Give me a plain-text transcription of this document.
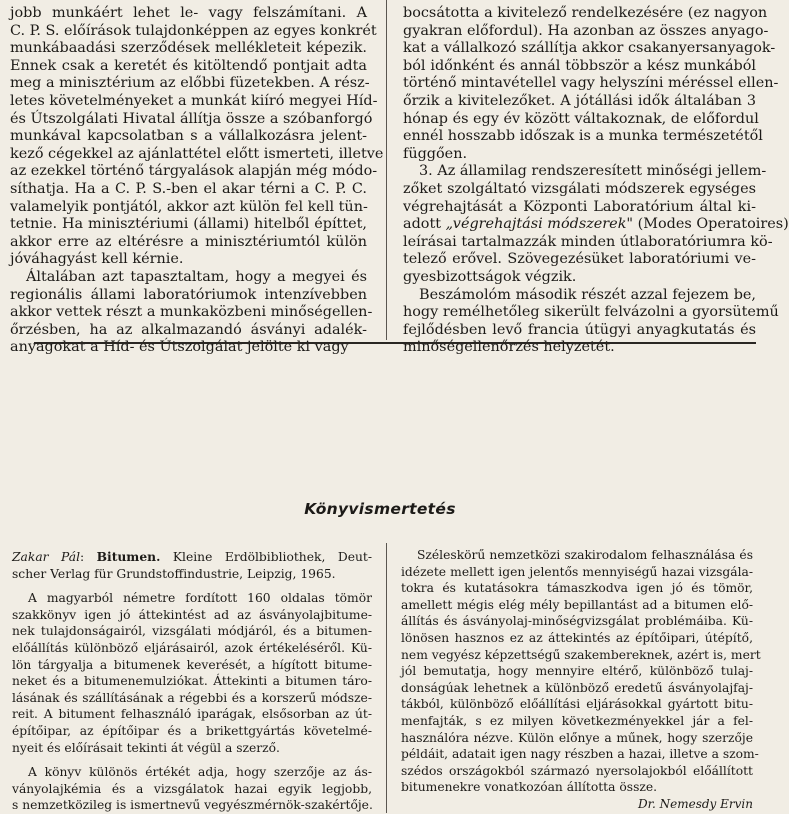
jobb munkáért lehet le- vagy felszámítani. A
C. P. S. előírások tulajdonképpen az egyes konkrét
munkábaadási szerződések mellékleteit képezik.
Ennek csak a keretét és kitöltendő pontjait adta
meg a minisztérium az előbbi füzetekben. A rész-
letes követelményeket a munkát kiíró megyei Híd-
és Útszolgálati Hivatal állítja össze a szóbanforgó
munkával kapcsolatban s a vállalkozásra jelent-
kező cégekkel az ajánlattétel előtt ismerteti, illetve
az ezekkel történő tárgyalások alapján még módo-
síthatja. Ha a C. P. S.-ben el akar térni a C. P. C.
valamelyik pontjától, akkor azt külön fel kell tün-
tetnie. Ha minisztériumi (állami) hitelből építtet,
akkor erre az eltérésre a minisztériumtól külön
jóváhagyást kell kérnie.
Általában azt tapasztaltam, hogy a megyei és
regionális állami laboratóriumok intenzívebben
akkor vettek részt a munkaközbeni minőségellen-
őrzésben, ha az alkalmazandó ásványi adalék-
anyagokat a Híd- és Útszolgálat jelölte ki vagy
bocsátotta a kivitelező rendelkezésére (ez nagyon
gyakran előfordul). Ha azonban az összes anyago-
kat a vállalkozó szállítja akkor csakanyersanyagok-
ból időnként és annál többször a kész munkából
történő mintavétellel vagy helyszíni méréssel ellen-
őrzik a kivitelezőket. A jótállási idők általában 3
hónap és egy év között váltakoznak, de előfordul
ennél hosszabb időszak is a munka természetétől
függően.
3. Az államilag rendszeresített minőségi jellem-
zőket szolgáltató vizsgálati módszerek egységes
végrehajtását a Központi Laboratórium által ki-
adott „végrehajtási módszerek" (Modes Operatoires)
leírásai tartalmazzák minden útlaboratóriumra kö-
telező erővel. Szövegezésüket laboratóriumi ve-
gyesbizottságok végzik.
Beszámolóm második részét azzal fejezem be,
hogy remélhetőleg sikerült felvázolni a gyorsütemű
fejlődésben levő francia útügyi anyagkutatás és
minőségellenőrzés helyzetét.
Könyvismertetés
Zakar Pál: Bitumen. Kleine Erdölbibliothek, Deut-
scher Verlag für Grundstoffindustrie, Leipzig, 1965.
A magyarból németre fordított 160 oldalas tömör
szakkönyv igen jó áttekintést ad az ásványolajbitume-
nek tulajdonságairól, vizsgálati módjáról, és a bitumen-
előállítás különböző eljárásairól, azok értékeléséről. Kü-
lön tárgyalja a bitumenek keverését, a hígított bitume-
neket és a bitumenemulziókat. Áttekinti a bitumen táro-
lásának és szállításának a régebbi és a korszerű módsze-
reit. A bitument felhasználó iparágak, elsősorban az út-
építőipar, az építőipar és a brikettgyártás követelmé-
nyeit és előírásait tekinti át végül a szerző.
A könyv különös értékét adja, hogy szerzője az ás-
ványolajkémia és a vizsgálatok hazai egyik legjobb,
s nemzetközileg is ismertnevű vegyészmérnök-szakértője.
Széleskörű nemzetközi szakirodalom felhasználása és
idézete mellett igen jelentős mennyiségű hazai vizsgála-
tokra és kutatásokra támaszkodva igen jó és tömör,
amellett mégis elég mély bepillantást ad a bitumen elő-
állítás és ásványolaj-minőségvizsgálat problémáiba. Kü-
lönösen hasznos ez az áttekintés az építőipari, útépítő,
nem vegyész képzettségű szakembereknek, azért is, mert
jól bemutatja, hogy mennyire eltérő, különböző tulaj-
donságúak lehetnek a különböző eredetű ásványolajfaj-
tákból, különböző előállítási eljárásokkal gyártott bitu-
menfajták, s ez milyen következményekkel jár a fel-
használóra nézve. Külön előnye a műnek, hogy szerzője
példáit, adatait igen nagy részben a hazai, illetve a szom-
szédos országokból származó nyersolajokból előállított
bitumenekre vonatkozóan állította össze.
Dr. Nemesdy Ervin
